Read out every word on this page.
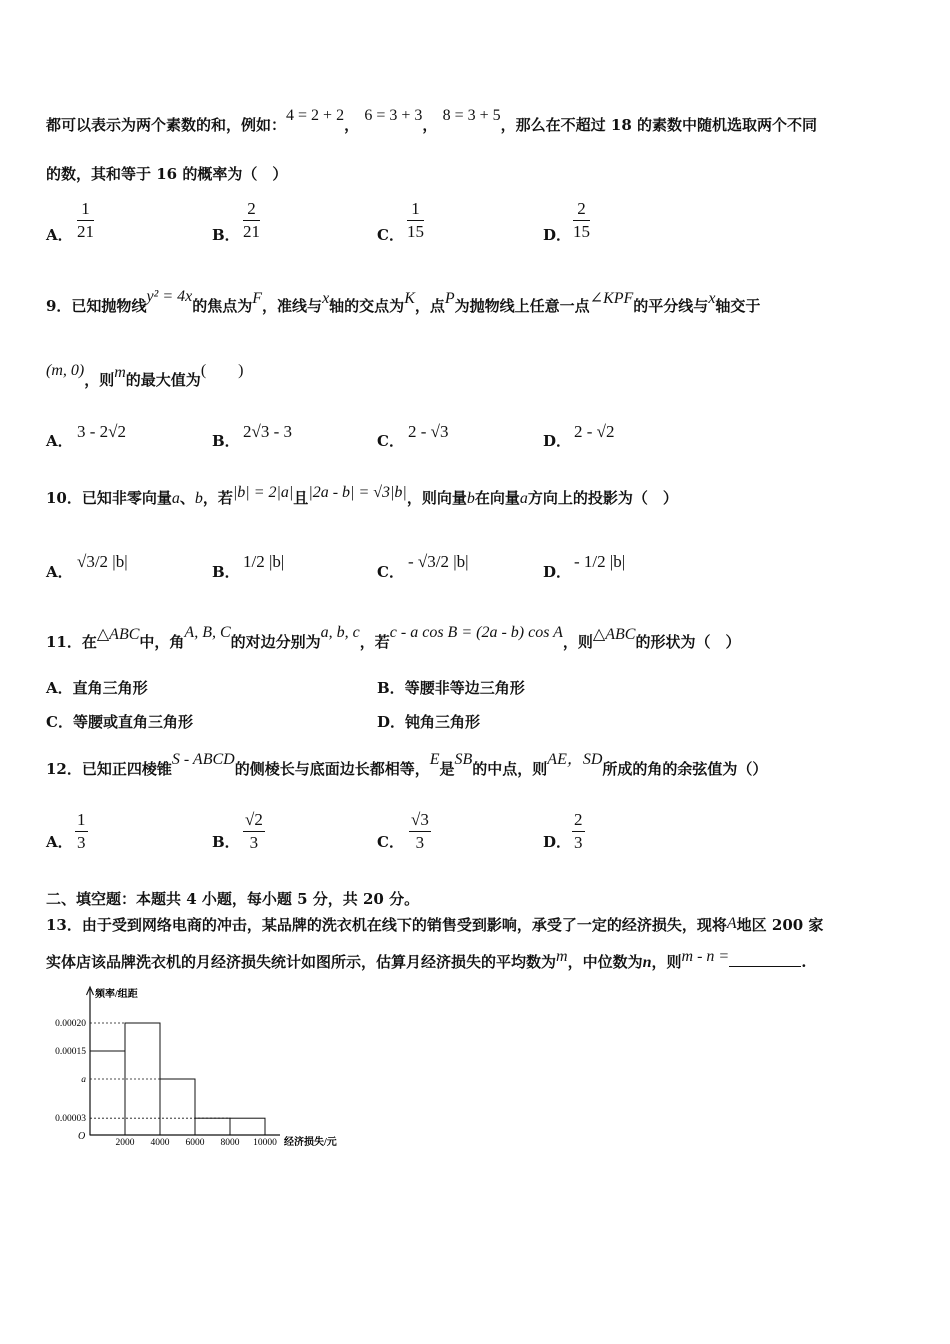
都可以表示为两个素数的和，例如：4 = 2 + 2， 6 = 3 + 3， 8 = 3 + 5，那么在不超过 18 的素数中随机选取两个不同
的数，其和等于 16 的概率为（　）
A． $\frac{1}{21}$	B． $\frac{2}{21}$	C． $\frac{1}{15}$	D． $\frac{2}{15}$
9．已知抛物线y² = 4x的焦点为F，准线与x轴的交点为K，点P为抛物线上任意一点∠KPF的平分线与x轴交于
(m, 0)，则m的最大值为(　　)
A． 3 - 2√2	B． 2√3 - 3	C． 2 - √3	D． 2 - √2
10．已知非零向量a、b，若|b| = 2|a|且|2a - b| = √3|b|，则向量b在向量a方向上的投影为（　）
A．
√3/2 |b|
B．
1/2 |b|
C．
- √3/2 |b|
D．
- 1/2 |b|
11．在△ABC中，角A, B, C的对边分别为a, b, c，若c - a cos B = (2a - b) cos A，则△ABC的形状为（　）
A．直角三角形	B．等腰非等边三角形
C．等腰或直角三角形	D．钝角三角形
12．已知正四棱锥S - ABCD的侧棱长与底面边长都相等，E是SB的中点，则AE，SD所成的角的余弦值为（）
A． $\frac{1}{3}$	B． $\frac{√2}{3}$	C． $\frac{√3}{3}$	D． $\frac{2}{3}$
二、填空题：本题共 4 小题，每小题 5 分，共 20 分。
13．由于受到网络电商的冲击，某品牌的洗衣机在线下的销售受到影响，承受了一定的经济损失，现将A地区 200 家
实体店该品牌洗衣机的月经济损失统计如图所示，估算月经济损失的平均数为m，中位数为n，则m - n =	.
频率/组距
经济损失/元
O
2000 4000 6000 8000 10000
0.00020
0.00015
a
0.00003
